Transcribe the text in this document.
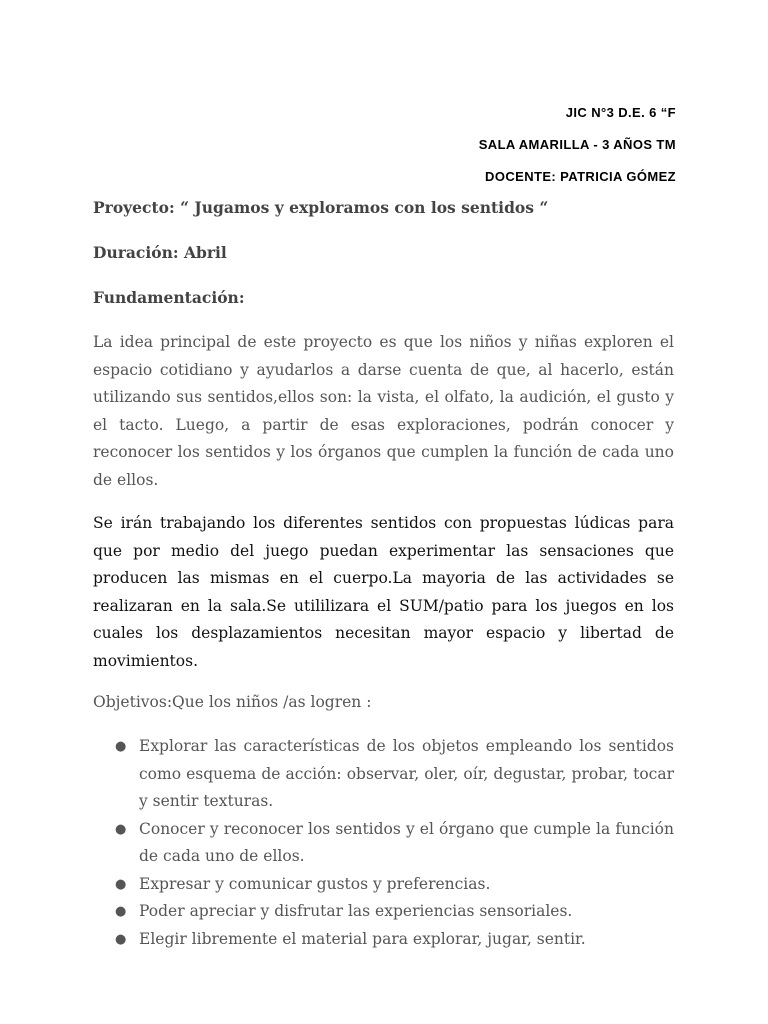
JIC N°3 D.E. 6 “F
SALA AMARILLA - 3 AÑOS TM
DOCENTE: PATRICIA GÓMEZ

Proyecto: “ Jugamos y exploramos con los sentidos “

Duración: Abril

Fundamentación:

La idea principal de este proyecto es que los niños y niñas exploren el espacio cotidiano y ayudarlos a darse cuenta de que, al hacerlo, están utilizando sus sentidos,ellos son: la vista, el olfato, la audición, el gusto y el tacto. Luego, a partir de esas exploraciones, podrán conocer y reconocer los sentidos y los órganos que cumplen la función de cada uno de ellos.

Se irán trabajando los diferentes sentidos con propuestas lúdicas para que por medio del juego puedan experimentar las sensaciones que producen las mismas en el cuerpo.La mayoria de las actividades se realizaran en la sala.Se utililizara el SUM/patio para los juegos en los cuales los desplazamientos necesitan mayor espacio y libertad de movimientos.

Objetivos:Que los niños /as logren :

● Explorar las características de los objetos empleando los sentidos como esquema de acción: observar, oler, oír, degustar, probar, tocar y sentir texturas.
● Conocer y reconocer los sentidos y el órgano que cumple la función de cada uno de ellos.
● Expresar y comunicar gustos y preferencias.
● Poder apreciar y disfrutar las experiencias sensoriales.
● Elegir libremente el material para explorar, jugar, sentir.
